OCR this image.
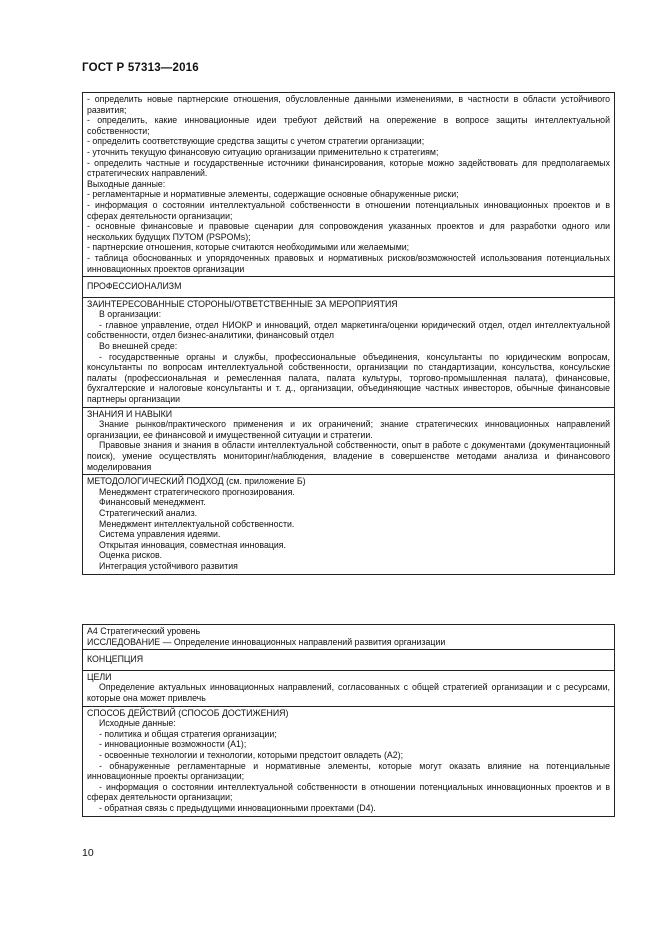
ГОСТ Р 57313—2016

- определить новые партнерские отношения, обусловленные данными изменениями, в частности в области устойчивого развития;

- определить, какие инновационные идеи требуют действий на опережение в вопросе защиты интеллектуальной собственности;

- определить соответствующие средства защиты с учетом стратегии организации;

- уточнить текущую финансовую ситуацию организации применительно к стратегиям;

- определить частные и государственные источники финансирования, которые можно задействовать для предполагаемых стратегических направлений.

Выходные данные:

- регламентарные и нормативные элементы, содержащие основные обнаруженные риски;

- информация о состоянии интеллектуальной собственности в отношении потенциальных инновационных проектов и в сферах деятельности организации;

- основные финансовые и правовые сценарии для сопровождения указанных проектов и для разработки одного или нескольких будущих ПУТОМ (PSPOMs);

- партнерские отношения, которые считаются необходимыми или желаемыми;

- таблица обоснованных и упорядоченных правовых и нормативных рисков/возможностей использования потенциальных инновационных проектов организации

ПРОФЕССИОНАЛИЗМ

ЗАИНТЕРЕСОВАННЫЕ СТОРОНЫ/ОТВЕТСТВЕННЫЕ ЗА МЕРОПРИЯТИЯ

В организации:

- главное управление, отдел НИОКР и инноваций, отдел маркетинга/оценки юридический отдел, отдел интеллектуальной собственности, отдел бизнес-аналитики, финансовый отдел

Во внешней среде:

- государственные органы и службы, профессиональные объединения, консультанты по юридическим вопросам, консультанты по вопросам интеллектуальной собственности, организации по стандартизации, консульства, консульские палаты (профессиональная и ремесленная палата, палата культуры, торгово-промышленная палата), финансовые, бухгалтерские и налоговые консультанты и т. д., организации, объединяющие частных инвесторов, обычные финансовые партнеры организации

ЗНАНИЯ И НАВЫКИ

Знание рынков/практического применения и их ограничений; знание стратегических инновационных направлений организации, ее финансовой и имущественной ситуации и стратегии.

Правовые знания и знания в области интеллектуальной собственности, опыт в работе с документами (документационный поиск), умение осуществлять мониторинг/наблюдения, владение в совершенстве методами анализа и финансового моделирования

МЕТОДОЛОГИЧЕСКИЙ ПОДХОД (см. приложение Б)

Менеджмент стратегического прогнозирования.

Финансовый менеджмент.

Стратегический анализ.

Менеджмент интеллектуальной собственности.

Система управления идеями.

Открытая инновация, совместная инновация.

Оценка рисков.

Интеграция устойчивого развития

А4 Стратегический уровень

ИССЛЕДОВАНИЕ — Определение инновационных направлений развития организации

КОНЦЕПЦИЯ

ЦЕЛИ

Определение актуальных инновационных направлений, согласованных с общей стратегией организации и с ресурсами, которые она может привлечь

СПОСОБ ДЕЙСТВИЙ (СПОСОБ ДОСТИЖЕНИЯ)

Исходные данные:

- политика и общая стратегия организации;

- инновационные возможности (А1);

- освоенные технологии и технологии, которыми предстоит овладеть (А2);

- обнаруженные регламентарные и нормативные элементы, которые могут оказать влияние на потенциальные инновационные проекты организации;

- информация о состоянии интеллектуальной собственности в отношении потенциальных инновационных проектов и в сферах деятельности организации;

- обратная связь с предыдущими инновационными проектами (D4).

10
